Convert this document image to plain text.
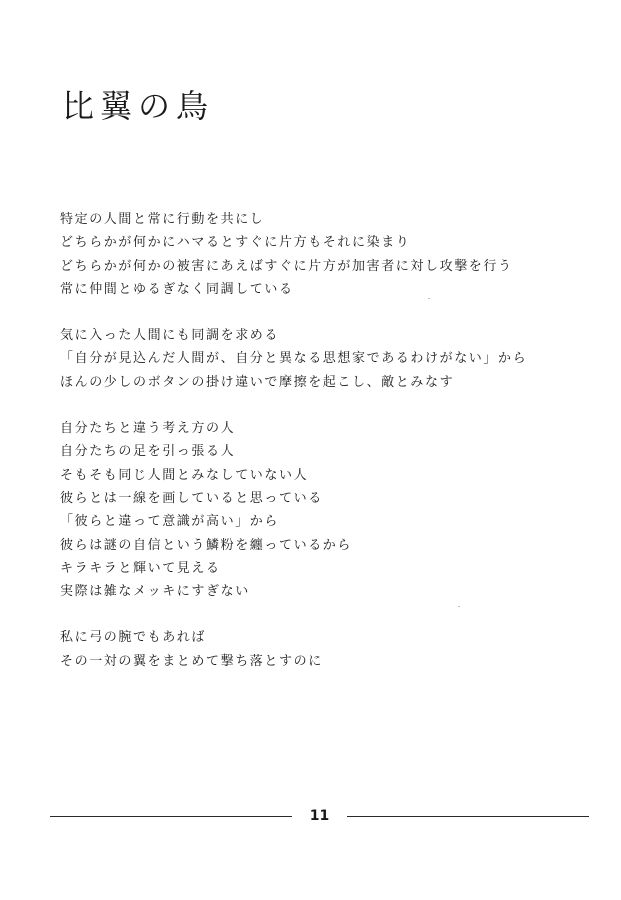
比翼の鳥
特定の人間と常に行動を共にし
どちらかが何かにハマるとすぐに片方もそれに染まり
どちらかが何かの被害にあえばすぐに片方が加害者に対し攻撃を行う
常に仲間とゆるぎなく同調している
気に入った人間にも同調を求める
「自分が見込んだ人間が、自分と異なる思想家であるわけがない」から
ほんの少しのボタンの掛け違いで摩擦を起こし、敵とみなす
自分たちと違う考え方の人
自分たちの足を引っ張る人
そもそも同じ人間とみなしていない人
彼らとは一線を画していると思っている
「彼らと違って意識が高い」から
彼らは謎の自信という鱗粉を纏っているから
キラキラと輝いて見える
実際は雑なメッキにすぎない
私に弓の腕でもあれば
その一対の翼をまとめて撃ち落とすのに
11
